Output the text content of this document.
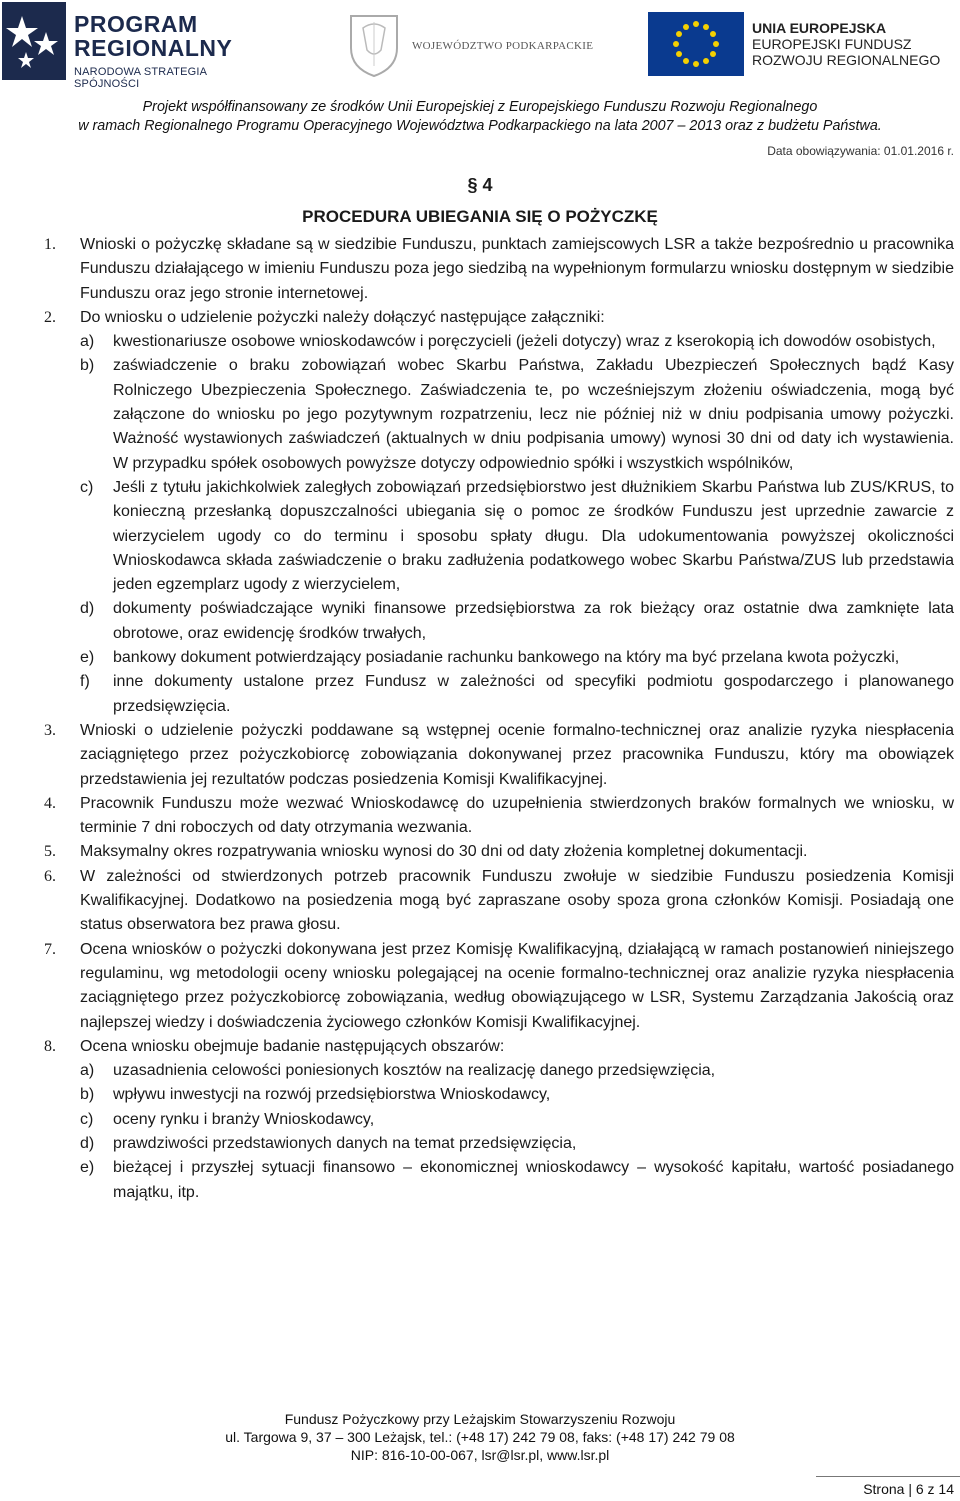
PROGRAM
REGIONALNY
NARODOWA STRATEGIA SPÓJNOŚCI
WOJEWÓDZTWO PODKARPACKIE
UNIA EUROPEJSKA
EUROPEJSKI FUNDUSZ
ROZWOJU REGIONALNEGO
Projekt współfinansowany ze środków Unii Europejskiej z Europejskiego Funduszu Rozwoju Regionalnego
w ramach Regionalnego Programu Operacyjnego Województwa Podkarpackiego na lata 2007 – 2013 oraz z budżetu Państwa.
Data obowiązywania: 01.01.2016 r.
§ 4
PROCEDURA UBIEGANIA SIĘ O POŻYCZKĘ
1. Wnioski o pożyczkę składane są w siedzibie Funduszu, punktach zamiejscowych LSR a także bezpośrednio u pracownika Funduszu działającego w imieniu Funduszu poza jego siedzibą na wypełnionym formularzu wniosku dostępnym w siedzibie Funduszu oraz jego stronie internetowej.
2. Do wniosku o udzielenie pożyczki należy dołączyć następujące załączniki:
a) kwestionariusze osobowe wnioskodawców i poręczycieli (jeżeli dotyczy) wraz z kserokopią ich dowodów osobistych,
b) zaświadczenie o braku zobowiązań wobec Skarbu Państwa, Zakładu Ubezpieczeń Społecznych bądź Kasy Rolniczego Ubezpieczenia Społecznego. Zaświadczenia te, po wcześniejszym złożeniu oświadczenia, mogą być załączone do wniosku po jego pozytywnym rozpatrzeniu, lecz nie później niż w dniu podpisania umowy pożyczki. Ważność wystawionych zaświadczeń (aktualnych w dniu podpisania umowy) wynosi 30 dni od daty ich wystawienia. W przypadku spółek osobowych powyższe dotyczy odpowiednio spółki i wszystkich wspólników,
c) Jeśli z tytułu jakichkolwiek zaległych zobowiązań przedsiębiorstwo jest dłużnikiem Skarbu Państwa lub ZUS/KRUS, to konieczną przesłanką dopuszczalności ubiegania się o pomoc ze środków Funduszu jest uprzednie zawarcie z wierzycielem ugody co do terminu i sposobu spłaty długu. Dla udokumentowania powyższej okoliczności Wnioskodawca składa zaświadczenie o braku zadłużenia podatkowego wobec Skarbu Państwa/ZUS lub przedstawia jeden egzemplarz ugody z wierzycielem,
d) dokumenty poświadczające wyniki finansowe przedsiębiorstwa za rok bieżący oraz ostatnie dwa zamknięte lata obrotowe, oraz ewidencję środków trwałych,
e) bankowy dokument potwierdzający posiadanie rachunku bankowego na który ma być przelana kwota pożyczki,
f) inne dokumenty ustalone przez Fundusz w zależności od specyfiki podmiotu gospodarczego i planowanego przedsięwzięcia.
3. Wnioski o udzielenie pożyczki poddawane są wstępnej ocenie formalno-technicznej oraz analizie ryzyka niespłacenia zaciągniętego przez pożyczkobiorcę zobowiązania dokonywanej przez pracownika Funduszu, który ma obowiązek przedstawienia jej rezultatów podczas posiedzenia Komisji Kwalifikacyjnej.
4. Pracownik Funduszu może wezwać Wnioskodawcę do uzupełnienia stwierdzonych braków formalnych we wniosku, w terminie 7 dni roboczych od daty otrzymania wezwania.
5. Maksymalny okres rozpatrywania wniosku wynosi do 30 dni od daty złożenia kompletnej dokumentacji.
6. W zależności od stwierdzonych potrzeb pracownik Funduszu zwołuje w siedzibie Funduszu posiedzenia Komisji Kwalifikacyjnej. Dodatkowo na posiedzenia mogą być zapraszane osoby spoza grona członków Komisji. Posiadają one status obserwatora bez prawa głosu.
7. Ocena wniosków o pożyczki dokonywana jest przez Komisję Kwalifikacyjną, działającą w ramach postanowień niniejszego regulaminu, wg metodologii oceny wniosku polegającej na ocenie formalno-technicznej oraz analizie ryzyka niespłacenia zaciągniętego przez pożyczkobiorcę zobowiązania, według obowiązującego w LSR, Systemu Zarządzania Jakością oraz najlepszej wiedzy i doświadczenia życiowego członków Komisji Kwalifikacyjnej.
8. Ocena wniosku obejmuje badanie następujących obszarów:
a) uzasadnienia celowości poniesionych kosztów na realizację danego przedsięwzięcia,
b) wpływu inwestycji na rozwój przedsiębiorstwa Wnioskodawcy,
c) oceny rynku i branży Wnioskodawcy,
d) prawdziwości przedstawionych danych na temat przedsięwzięcia,
e) bieżącej i przyszłej sytuacji finansowo – ekonomicznej wnioskodawcy – wysokość kapitału, wartość posiadanego majątku, itp.
Fundusz Pożyczkowy przy Leżajskim Stowarzyszeniu Rozwoju
ul. Targowa 9, 37 – 300 Leżajsk, tel.: (+48 17) 242 79 08, faks: (+48 17) 242 79 08
NIP: 816-10-00-067, lsr@lsr.pl, www.lsr.pl
Strona | 6 z 14
